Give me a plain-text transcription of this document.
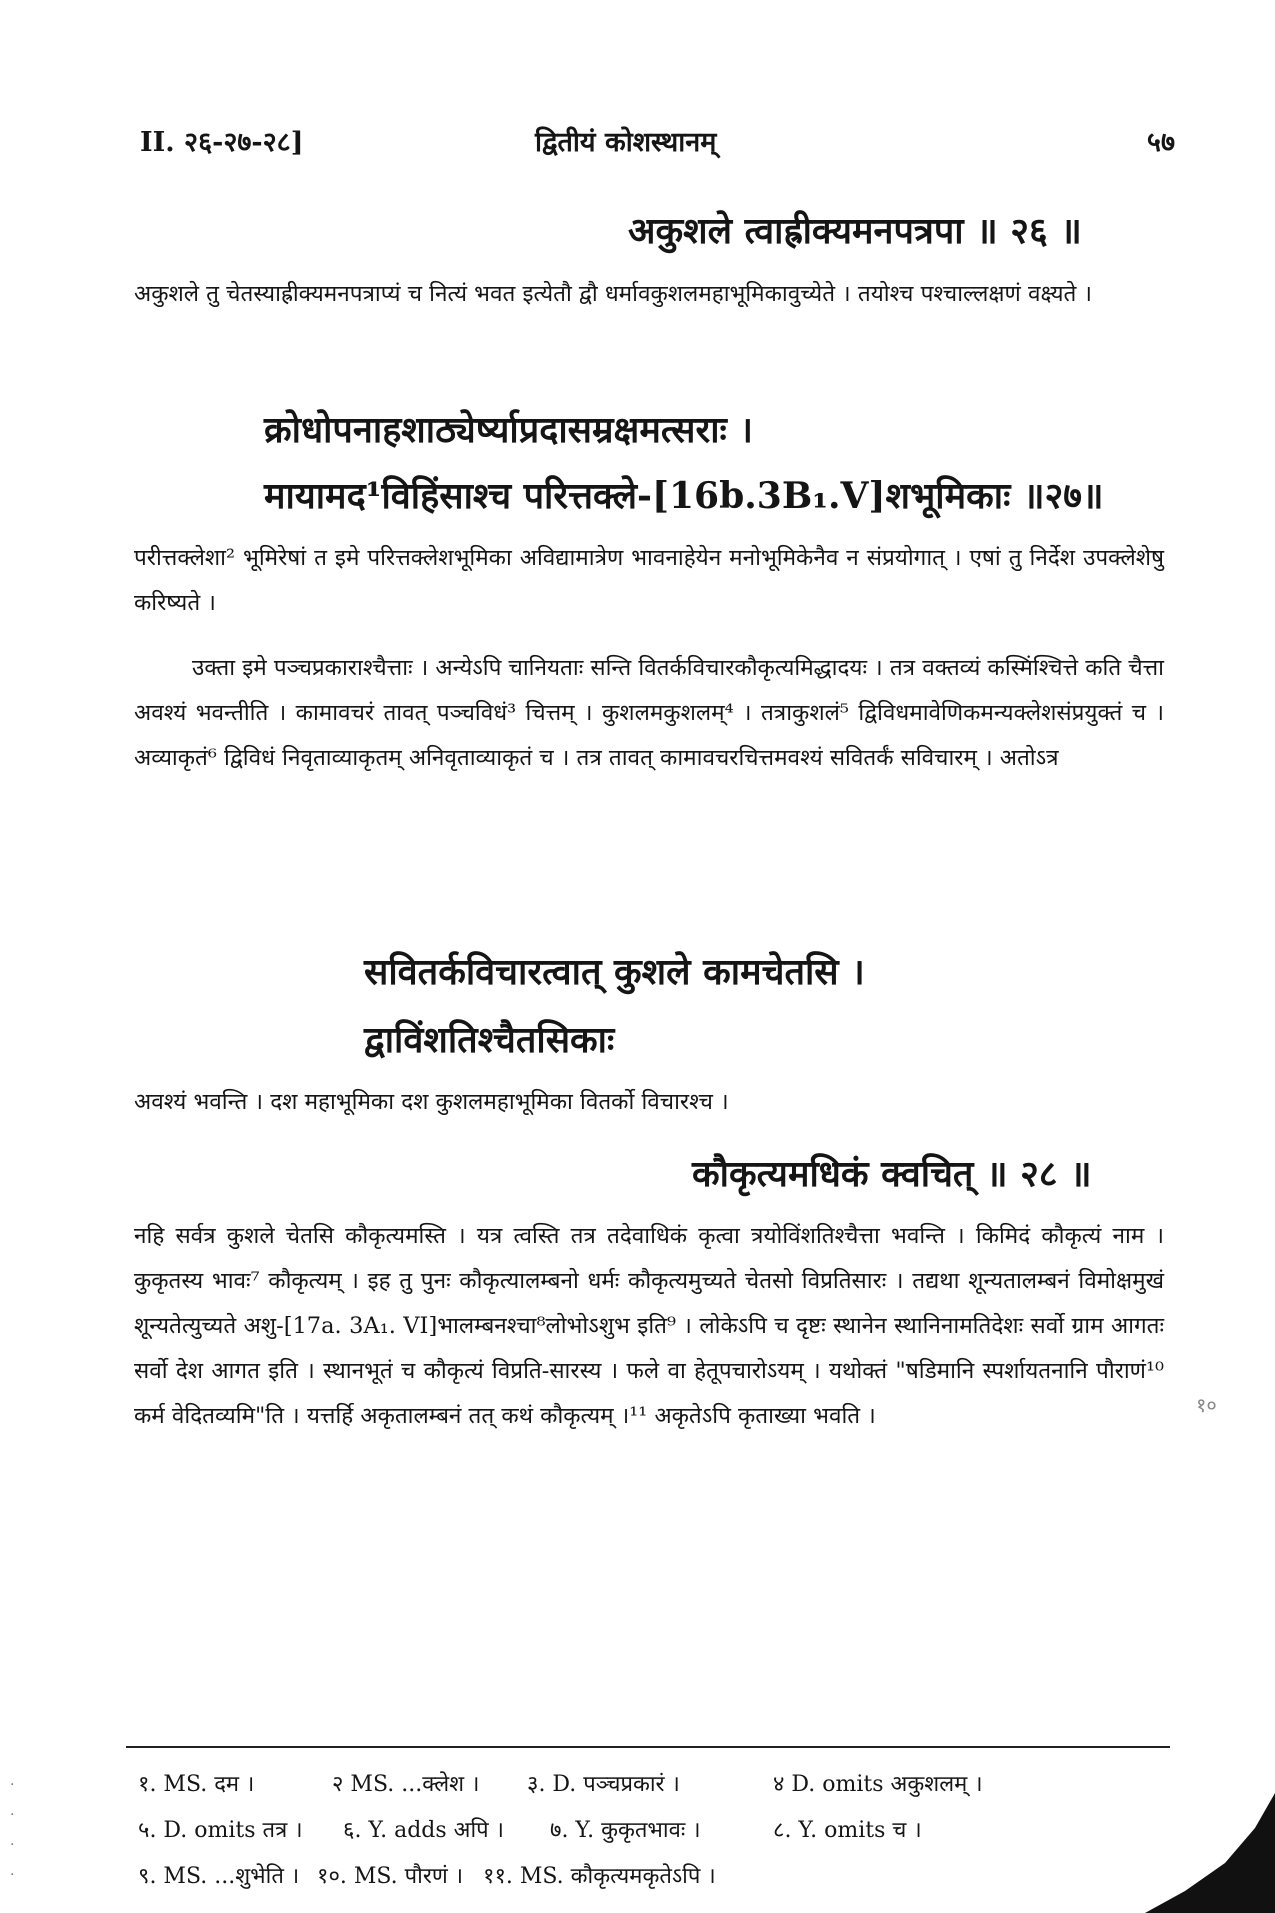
II. २६-२७-२८]	द्वितीयं कोशस्थानम्	५७
अकुशले त्वाह्रीक्यमनपत्रपा ॥ २६ ॥

अकुशले तु चेतस्याह्रीक्यमनपत्राप्यं च नित्यं भवत इत्येतौ द्वौ धर्मावकुशलमहाभूमिकावुच्येते । तयोश्च पश्चाल्लक्षणं वक्ष्यते ।

क्रोधोपनाहशाठ्येर्ष्याप्रदासम्रक्षमत्सराः ।
मायामद¹विहिंसाश्च परित्तक्ले-[16b.3B₁.V]शभूमिकाः ॥२७॥

परीत्तक्लेशा² भूमिरेषां त इमे परित्तक्लेशभूमिका अविद्यामात्रेण भावनाहेयेन मनोभूमिकेनैव न संप्रयोगात् । एषां तु निर्देश उपक्लेशेषु करिष्यते ।

उक्ता इमे पञ्चप्रकाराश्चैत्ताः । अन्येऽपि चानियताः सन्ति वितर्कविचारकौकृत्यमिद्धादयः । तत्र वक्तव्यं कस्मिंश्चित्ते कति चैत्ता अवश्यं भवन्तीति । कामावचरं तावत् पञ्चविधं³ चित्तम् । कुशलमकुशलम्⁴ । तत्राकुशलं⁵ द्विविधमावेणिकमन्यक्लेशसंप्रयुक्तं च । अव्याकृतं⁶ द्विविधं निवृताव्याकृतम् अनिवृताव्याकृतं च । तत्र तावत् कामावचरचित्तमवश्यं सवितर्कं सविचारम् । अतोऽत्र

सवितर्कविचारत्वात् कुशले कामचेतसि ।
द्वाविंशतिश्चैतसिकाः

अवश्यं भवन्ति । दश महाभूमिका दश कुशलमहाभूमिका वितर्को विचारश्च ।

कौकृत्यमधिकं क्वचित् ॥ २८ ॥

नहि सर्वत्र कुशले चेतसि कौकृत्यमस्ति । यत्र त्वस्ति तत्र तदेवाधिकं कृत्वा त्रयोविंशतिश्चैत्ता भवन्ति । किमिदं कौकृत्यं नाम । कुकृतस्य भावः⁷ कौकृत्यम् । इह तु पुनः कौकृत्यालम्बनो धर्मः कौकृत्यमुच्यते चेतसो विप्रतिसारः । तद्यथा शून्यतालम्बनं विमोक्षमुखं शून्यतेत्युच्यते अशु-[17a. 3A₁. VI]भालम्बनश्चा⁸लोभोऽशुभ इति⁹ । लोकेऽपि च दृष्टः स्थानेन स्थानिनामतिदेशः सर्वो ग्राम आगतः सर्वो देश आगत इति । स्थानभूतं च कौकृत्यं विप्रति-सारस्य । फले वा हेतूपचारोऽयम् । यथोक्तं "षडिमानि स्पर्शायतनानि पौराणं¹⁰ कर्म वेदितव्यमि"ति । यत्तर्हि अकृतालम्बनं तत् कथं कौकृत्यम् ।¹¹ अकृतेऽपि कृताख्या भवति ।	१०
१. MS. दम ।	२ MS. ...क्लेश । ३. D. पञ्चप्रकारं ।	४ D. omits अकुशलम् ।
५. D. omits तत्र । ६. Y. adds अपि । ७. Y. कुकृतभावः ।	८. Y. omits च ।
९. MS. ...शुभेति । १०. MS. पौरणं । ११. MS. कौकृत्यमकृतेऽपि ।
·
·
·
·
